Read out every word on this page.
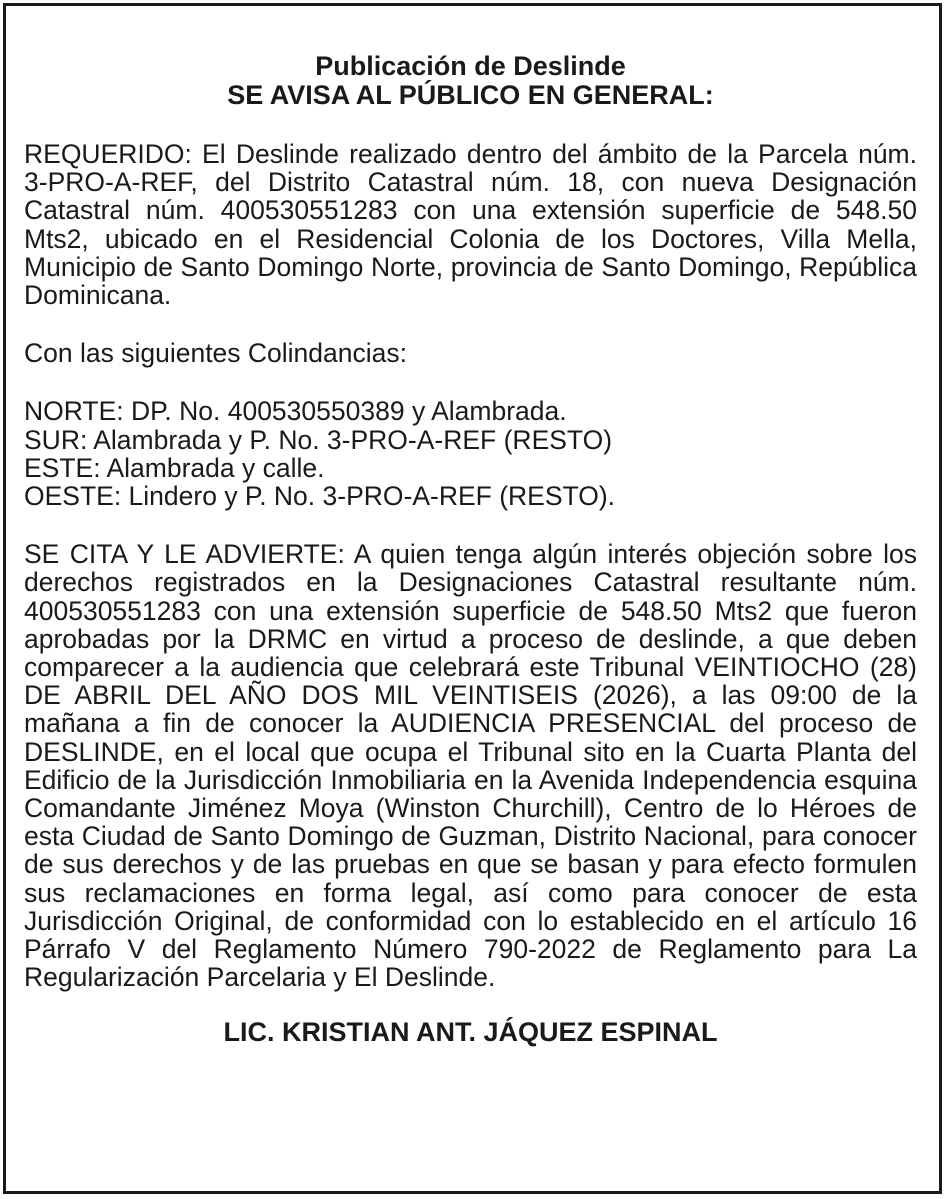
Publicación de Deslinde
SE AVISA AL PÚBLICO EN GENERAL:

REQUERIDO: El Deslinde realizado dentro del ámbito de la Parcela núm. 3-PRO-A-REF, del Distrito Catastral núm. 18, con nueva Designación Catastral núm. 400530551283 con una extensión superficie de 548.50 Mts2, ubicado en el Residencial Colonia de los Doctores, Villa Mella, Municipio de Santo Domingo Norte, provincia de Santo Domingo, República Dominicana.

Con las siguientes Colindancias:

NORTE: DP. No. 400530550389 y Alambrada.

SUR: Alambrada y P. No. 3-PRO-A-REF (RESTO)

ESTE: Alambrada y calle.

OESTE: Lindero y P. No. 3-PRO-A-REF (RESTO).

SE CITA Y LE ADVIERTE: A quien tenga algún interés objeción sobre los derechos registrados en la Designaciones Catastral resultante núm. 400530551283 con una extensión superficie de 548.50 Mts2 que fueron aprobadas por la DRMC en virtud a proceso de deslinde, a que deben comparecer a la audiencia que celebrará este Tribunal VEINTIOCHO (28) DE ABRIL DEL AÑO DOS MIL VEINTISEIS (2026), a las 09:00 de la mañana a fin de conocer la AUDIENCIA PRESENCIAL del proceso de DESLINDE, en el local que ocupa el Tribunal sito en la Cuarta Planta del Edificio de la Jurisdicción Inmobiliaria en la Avenida Independencia esquina Comandante Jiménez Moya (Winston Churchill), Centro de lo Héroes de esta Ciudad de Santo Domingo de Guzman, Distrito Nacional, para conocer de sus derechos y de las pruebas en que se basan y para efecto formulen sus reclamaciones en forma legal, así como para conocer de esta Jurisdicción Original, de conformidad con lo establecido en el artículo 16 Párrafo V del Reglamento Número 790-2022 de Reglamento para La Regularización Parcelaria y El Deslinde.

LIC. KRISTIAN ANT. JÁQUEZ ESPINAL
